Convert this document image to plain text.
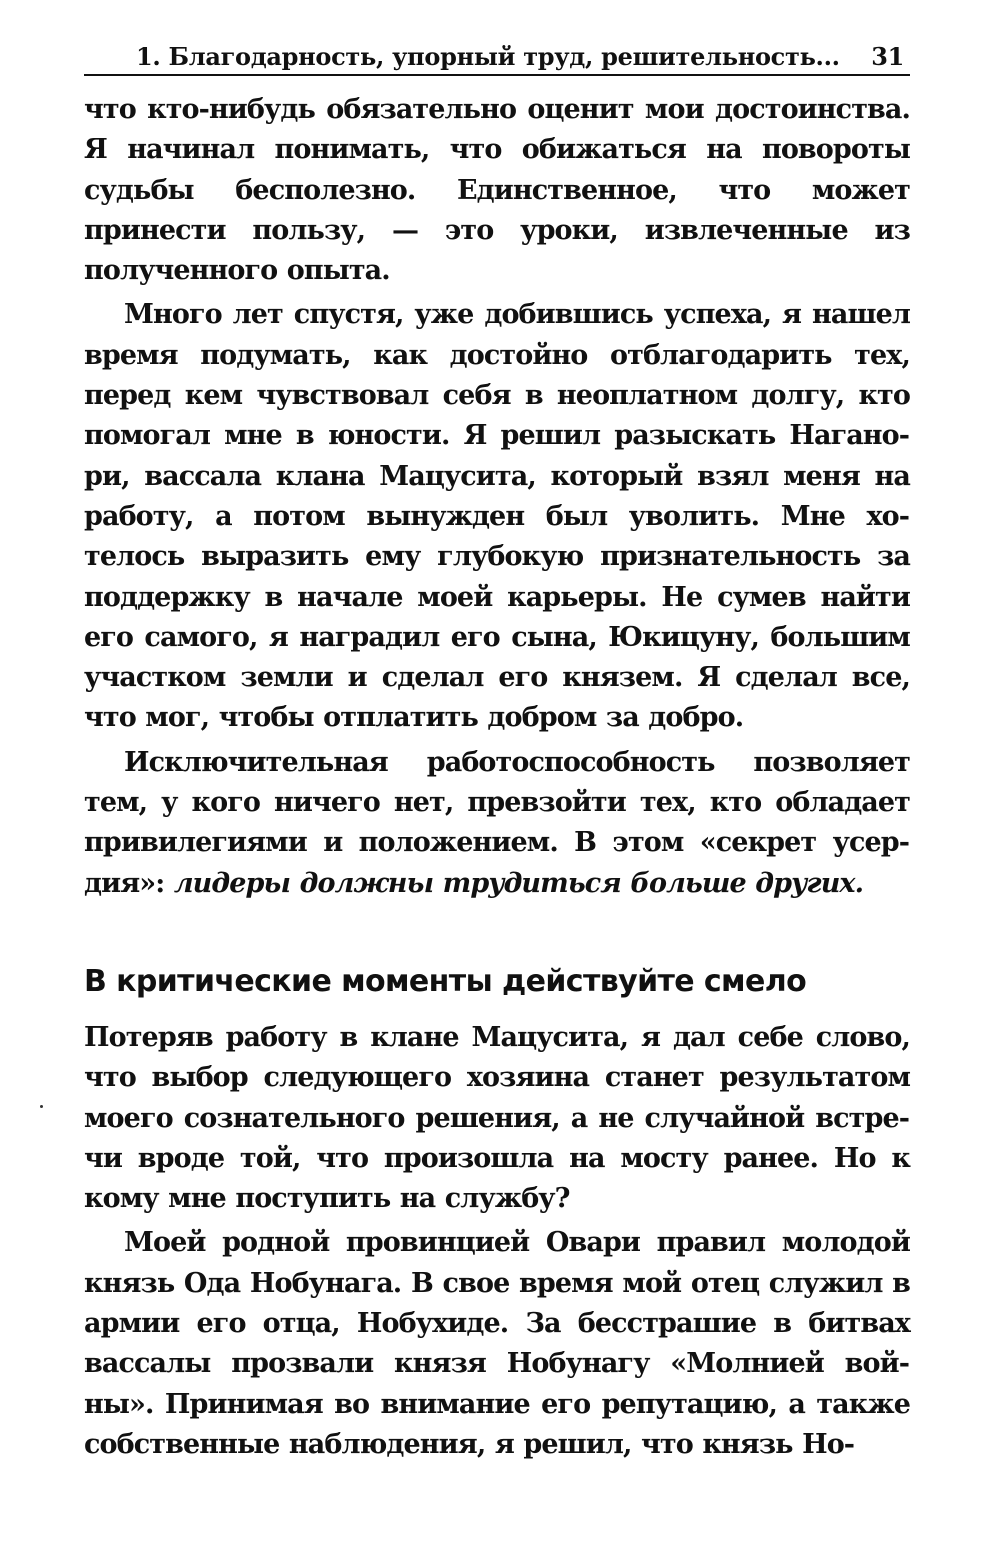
1. Благодарность, упорный труд, решительность... 31

что кто-нибудь обязательно оценит мои достоинства. Я начинал понимать, что обижаться на повороты судьбы бесполезно. Единственное, что может принести пользу, — это уроки, извлеченные из полученного опыта.

Много лет спустя, уже добившись успеха, я нашел время подумать, как достойно отблагодарить тех, перед кем чувствовал себя в неоплатном долгу, кто помогал мне в юности. Я решил разыскать Наганори, вассала клана Мацусита, который взял меня на работу, а потом вынужден был уволить. Мне хотелось выразить ему глубокую признательность за поддержку в начале моей карьеры. Не сумев найти его самого, я наградил его сына, Юкицуну, большим участком земли и сделал его князем. Я сделал все, что мог, чтобы отплатить добром за добро.

Исключительная работоспособность позволяет тем, у кого ничего нет, превзойти тех, кто обладает привилегиями и положением. В этом «секрет усердия»: лидеры должны трудиться больше других.

В критические моменты действуйте смело

Потеряв работу в клане Мацусита, я дал себе слово, что выбор следующего хозяина станет результатом моего сознательного решения, а не случайной встречи вроде той, что произошла на мосту ранее. Но к кому мне поступить на службу?

Моей родной провинцией Овари правил молодой князь Ода Нобунага. В свое время мой отец служил в армии его отца, Нобухиде. За бесстрашие в битвах вассалы прозвали князя Нобунагу «Молнией войны». Принимая во внимание его репутацию, а также собственные наблюдения, я решил, что князь Но-
